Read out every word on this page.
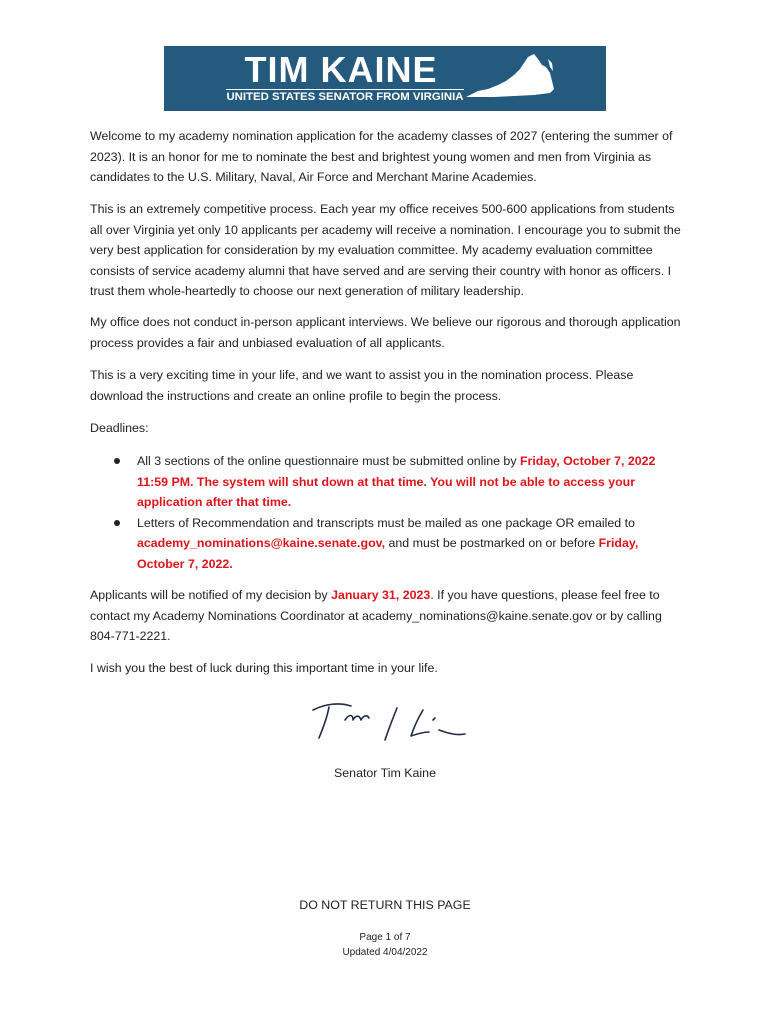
TIM KAINE
UNITED STATES SENATOR FROM VIRGINIA
Welcome to my academy nomination application for the academy classes of 2027 (entering the summer of 2023). It is an honor for me to nominate the best and brightest young women and men from Virginia as candidates to the U.S. Military, Naval, Air Force and Merchant Marine Academies.
This is an extremely competitive process. Each year my office receives 500-600 applications from students all over Virginia yet only 10 applicants per academy will receive a nomination. I encourage you to submit the very best application for consideration by my evaluation committee. My academy evaluation committee consists of service academy alumni that have served and are serving their country with honor as officers. I trust them whole-heartedly to choose our next generation of military leadership.
My office does not conduct in-person applicant interviews. We believe our rigorous and thorough application process provides a fair and unbiased evaluation of all applicants.
This is a very exciting time in your life, and we want to assist you in the nomination process. Please download the instructions and create an online profile to begin the process.
Deadlines:
All 3 sections of the online questionnaire must be submitted online by Friday, October 7, 2022 11:59 PM. The system will shut down at that time. You will not be able to access your application after that time.
Letters of Recommendation and transcripts must be mailed as one package OR emailed to academy_nominations@kaine.senate.gov, and must be postmarked on or before Friday, October 7, 2022.
Applicants will be notified of my decision by January 31, 2023. If you have questions, please feel free to contact my Academy Nominations Coordinator at academy_nominations@kaine.senate.gov or by calling 804-771-2221.
I wish you the best of luck during this important time in your life.
Senator Tim Kaine
DO NOT RETURN THIS PAGE
Page 1 of 7
Updated 4/04/2022
